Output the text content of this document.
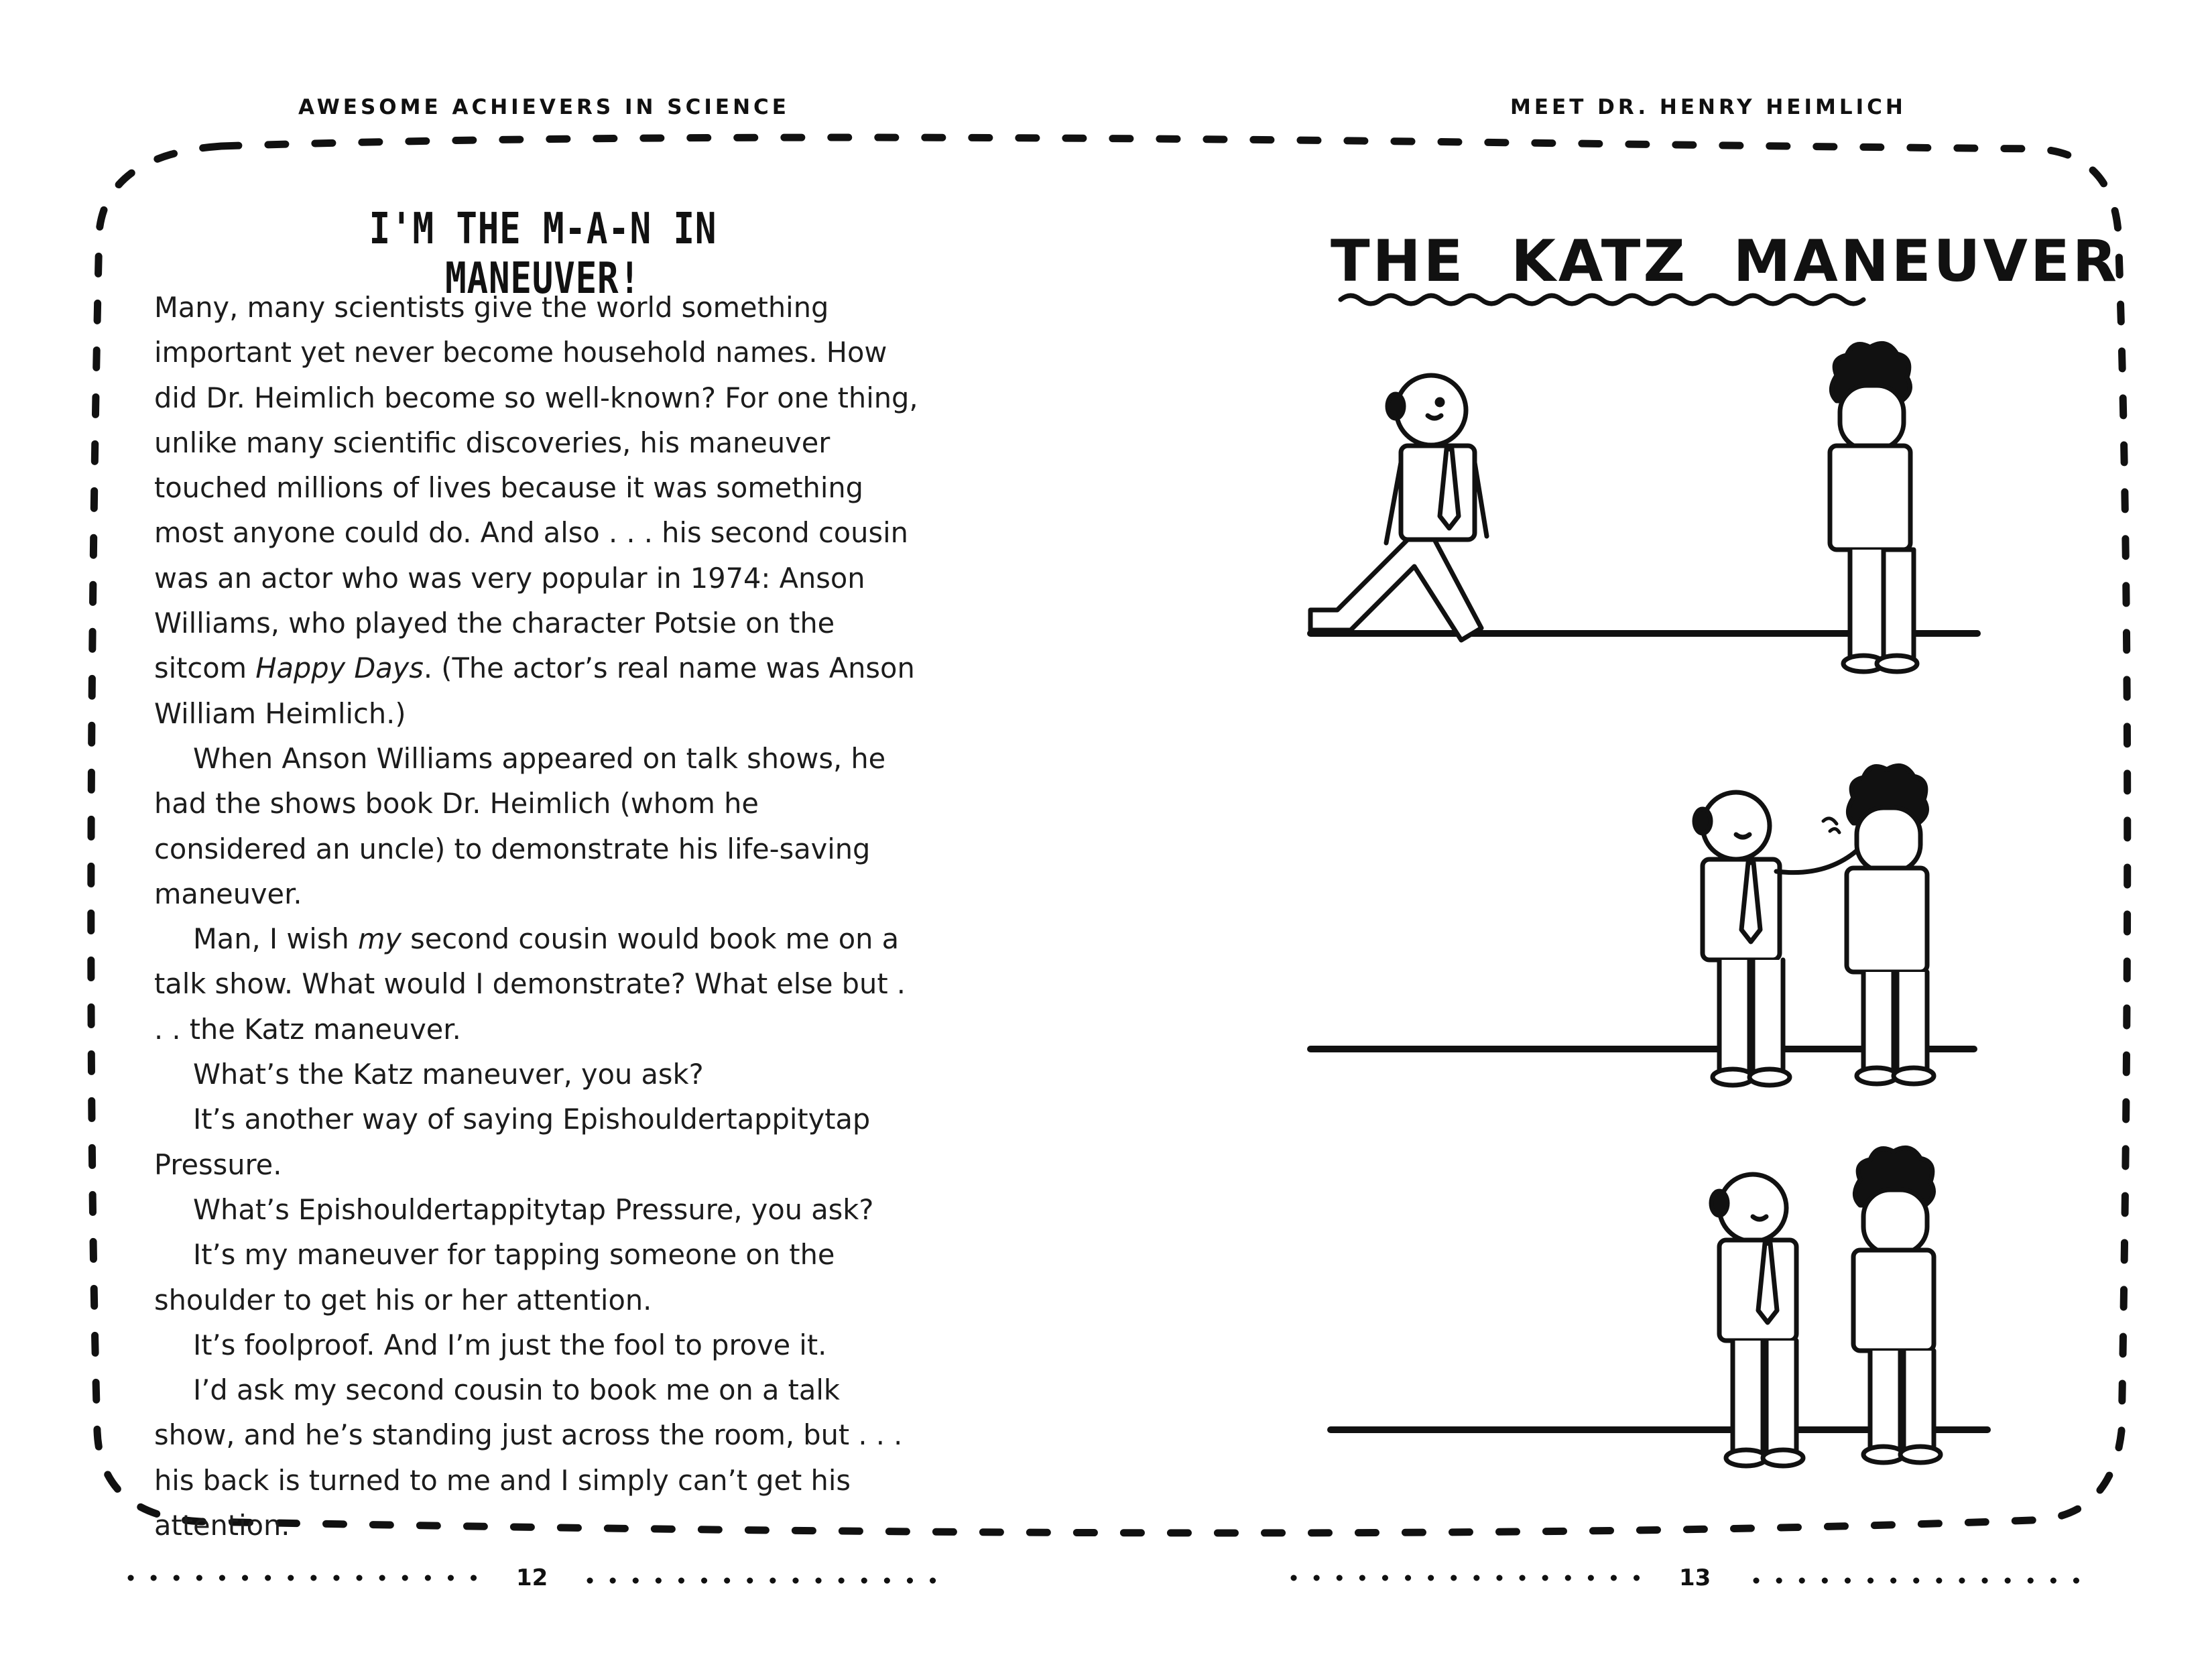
AWESOME ACHIEVERS IN SCIENCE	MEET DR. HENRY HEIMLICH
I'M THE M-A-N IN MANEUVER!

Many, many scientists give the world something important yet never become household names. How did Dr. Heimlich become so well-known? For one thing, unlike many scientific discoveries, his maneuver touched millions of lives because it was something most anyone could do. And also . . . his second cousin was an actor who was very popular in 1974: Anson Williams, who played the character Potsie on the sitcom Happy Days. (The actor’s real name was Anson William Heimlich.)

When Anson Williams appeared on talk shows, he had the shows book Dr. Heimlich (whom he considered an uncle) to demonstrate his life-saving maneuver.

Man, I wish my second cousin would book me on a talk show. What would I demonstrate? What else but . . . the Katz maneuver.

What’s the Katz maneuver, you ask?

It’s another way of saying Epishouldertappitytap Pressure.

What’s Epishouldertappitytap Pressure, you ask?

It’s my maneuver for tapping someone on the shoulder to get his or her attention.

It’s foolproof. And I’m just the fool to prove it.

I’d ask my second cousin to book me on a talk show, and he’s standing just across the room, but . . . his back is turned to me and I simply can’t get his attention.

THE  KATZ  MANEUVER
12	13
